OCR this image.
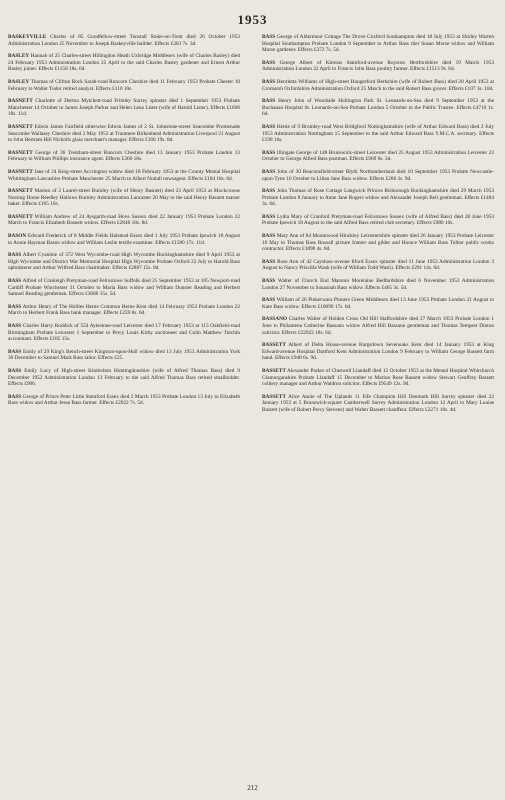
1953
BASKEYVILLE Charles of 85 Goodfellow-street Tunstall Stoke-on-Trent died 26 October 1953 Administration London 25 November to Joseph Baskeyville builder. Effects £303 7s. 3d.
BASLEY Hannah of 25 Charles-street Hillingdon Heath Uxbridge Middlesex (wife of Charles Basley) died 24 February 1953 Administration London 25 April to the said Charles Basley gardener and Ernest Arthur Basley joiner. Effects £1158 18s. 6d.
BASLEY Thomas of Clifton Rock Sarah-road Runcorn Cheshire died 11 February 1953 Probate Chester 10 February to Walter Tudor retired analyst. Effects £110 10s.
BASNETT Charlotte of Derton Mytchett-road Frimley Surrey spinster died 1 September 1953 Probate Manchester 14 October to James Joseph Parker and Helen Lena Lister (wife of Harold Lister). Effects £1896 18s. 11d.
BASNETT Edwin James Fairfield otherwise Edwin James of 2 St. Johnstone-street Seacombe Promenade Seacombe Wallasey Cheshire died 3 May 1953 at Tranmere Birkenhead Administration Liverpool 21 August to John Bertram Hill Nicholls glass merchant's manager. Effects £160 19s. 8d.
BASNETT George of 36 Trentham-street Runcorn Cheshire died 13 January 1953 Probate London 13 February to William Phillips insurance agent. Effects £366 18s.
BASNETT Jane of 24 King-street Accrington widow died 18 February 1953 at the County Mental Hospital Whittingham Lancashire Probate Manchester 25 March to Albert Nuttall newsagent. Effects £104 18s. 6d.
BASNETT Marion of 2 Laurel-street Burnley (wife of Henry Basnett) died 23 April 1953 at Mockcroose Nursing Home Reedley Hallows Burnley Administration Lancaster 20 May to the said Henry Basnett master baker. Effects £165 16s.
BASNETT William Andrew of 24 Aysgarth-road Hove Sussex died 22 January 1953 Probate London 22 March to Francis Elizabeth Basnett widow. Effects £2846 18s. 8d.
BASON Edward Frederick of 8 Middle Fields Halstead Essex died 1 July 1953 Probate Ipswich 18 August to Annie Hayman Bason widow and William Leslie textile examiner. Effects £1580 17s. 11d.
BASS Albert Cyanime of 372 West Wycombe-road High Wycombe Buckinghamshire died 9 April 1953 at High Wycombe and District War Memorial Hospital High Wycombe Probate Oxford 22 July to Harold Bass upholsterer and Arthur Wilfred Bass chairmaker. Effects £2887 15s. 8d.
BASS Alfred of Cranleigh Pretyman-road Felixstowe Suffolk died 25 September 1953 at 105 Newport-road Cardiff Probate Winchester 31 October to Maria Bass widow and William Dunster Reading and Herbert Samuel Reading gentleman. Effects £3680 15s. 5d.
BASS Arthur Henry of The Hollies Herne Common Herne Kent died 14 February 1953 Probate London 22 March to Herbert Frank Bass bank manager. Effects £259 8s. 6d.
BASS Charles Harry Roddick of 554 Aylestone-road Leicester died 17 February 1953 at 113 Oakfield-road Birmingham Probate Leicester 1 September to Percy Louis Kirby auctioneer and Colin Matthew Tutchin accountant. Effects £185 15s.
BASS Emily of 29 King's Bench-street Kingston-upon-Hull widow died 13 July 1953 Administration York 30 December to Samuel Mark Bass tailor. Effects £25.
BASS Emily Lucy of High-street Kimbolton Huntingdonshire (wife of Alfred Thomas Bass) died 9 December 1952 Administration London 13 February to the said Alfred Thomas Bass retired smallholder. Effects £906.
BASS George of Prince Peter Little Stamford Essex died 2 March 1953 Probate London 13 July to Elizabeth Bass widow and Arthur Jesse Bass farmer. Effects £2022 7s. 5d.
BASS George of Aldermoor Cottage The Drove Coxford Southampton died 18 July 1953 at Shirley Warren Hospital Southampton Probate London 9 September to Arthur Bass tiler Susan Morse widow and William Morse gardener. Effects £372 7s. 5d.
BASS George Albert of Kinross Stamford-avenue Royston Hertfordshire died 19 March 1953 Administration London 22 April to Francis John Bass poultry farmer. Effects £1513 9s. 6d.
BASS Henrietta Williams of High-street Hungerford Berkshire (wife of Robert Bass) died 28 April 1953 at Cromarsh Oxfordshire Administration Oxford 25 March to the said Robert Bass grocer. Effects £107 3s. 10d.
BASS Henry John of Woodside Hollington Park St. Leonards-on-Sea died 9 September 1953 at the Buchanan Hospital St. Leonards-on-Sea Probate London 5 October to the Public Trustee. Effects £4710 1s. 6d.
BASS Hettie of 9 Bromley-road West Bridgford Nottinghamshire (wife of Arthur Edward Bass) died 2 July 1953 Administration Nottingham 15 September to the said Arthur Edward Bass Y.M.C.A. secretary. Effects £198 16s.
BASS Illingate George of 148 Brunswick-street Leicester died 25 August 1953 Administration Leicester 23 October to George Alfred Bass postman. Effects £969 0s. 3d.
BASS John of 30 Beaconsfield-street Blyth Northumberland died 10 September 1953 Probate Newcastle-upon-Tyne 16 October to Lilian Jane Bass widow. Effects £286 3s. 9d.
BASS John Thomas of Rose Cottage Langwick Princes Risborough Buckinghamshire died 29 March 1953 Probate London 8 January to Anne Jane Rogers widow and Alexander Joseph Bell gentleman. Effects £1484 3s. 6d.
BASS Lydia Mary of Cranford Pretyman-road Felixstowe Sussex (wife of Alfred Bass) died 28 June 1953 Probate Ipswich 18 August to the said Alfred Bass retired club secretary. Effects £980 10s.
BASS Mary Ann of 84 Mountwood Hinckley Leicestershire spinster died 26 January 1953 Probate Leicester 16 May to Thomas Bass Rossall picture framer and gilder and Horace William Bass Tolbor public works contractor. Effects £1890 4s. 8d.
BASS Rose Ann of 42 Cayshaw-avenue Ilford Essex spinster died 11 June 1953 Administration London 3 August to Nancy Priscilla Wash (wife of William Todd Wash). Effects £291 14s. 6d.
BASS Walter of Church End Marston Moretaine Bedfordshire died 6 November 1953 Administration London 27 November to Susannah Bass widow. Effects £465 3s. 5d.
BASS William of 26 Pinkerwara Pinners Green Middlesex died 13 June 1953 Probate London 31 August to Kate Bass widow. Effects £10690 17s. 6d.
BASSANO Charles Walter of Holden Cross Old Hill Staffordshire died 27 March 1953 Probate London 1 June to Philamena Catherine Bassano widow Alfred Hill Bassano gentleman and Thomas Tempest Dinton solicitor. Effects £22922 18s. 6d.
BASSETT Albert of Delta House-avenue Bargsdown Sevenoaks Kent died 14 January 1953 at King Edward-avenue Hospital Dartford Kent Administration London 9 February to William George Bassett farm hand. Effects £948 6s. 9d.
BASSETT Alexander Parker of Cheswell Llandaff died 12 October 1953 at the Mental Hospital Whitchurch Glamorganshire Probate Llandaff 15 December to Marion Rose Bassett widow Stewart Geoffrey Bassett colliery manager and Arthur Waldron solicitor. Effects £9549 12s. 9d.
BASSETT Alice Annie of The Uplands 11 Fife Champion Hill Denmark Hill Surrey spinster died 22 January 1953 at 5 Brunswick-square Camberwell Surrey Administration London 12 April to Mary Louise Bassett (wife of Robert Percy Stevens) and Walter Bassett chauffeur. Effects £2271 18s. 4d.
212
